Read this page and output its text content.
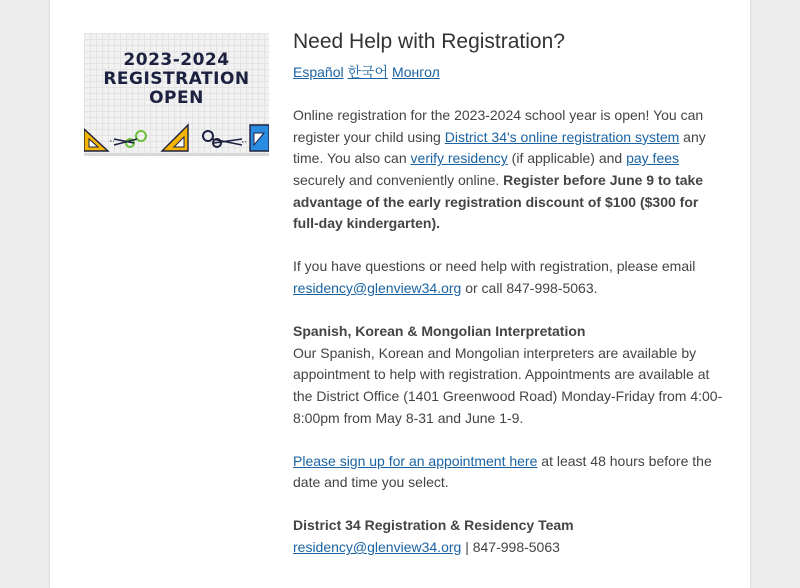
2023-2024
REGISTRATION
OPEN
Need Help with Registration?

Español 한국어 Монгол

Online registration for the 2023-2024 school year is open! You can register your child using District 34's online registration system any time. You also can verify residency (if applicable) and pay fees securely and conveniently online. Register before June 9 to take advantage of the early registration discount of $100 ($300 for full-day kindergarten).

If you have questions or need help with registration, please email residency@glenview34.org or call 847-998-5063.

Spanish, Korean & Mongolian Interpretation
Our Spanish, Korean and Mongolian interpreters are available by appointment to help with registration. Appointments are available at the District Office (1401 Greenwood Road) Monday-Friday from 4:00-8:00pm from May 8-31 and June 1-9.

Please sign up for an appointment here at least 48 hours before the date and time you select.

District 34 Registration & Residency Team
residency@glenview34.org | 847-998-5063
